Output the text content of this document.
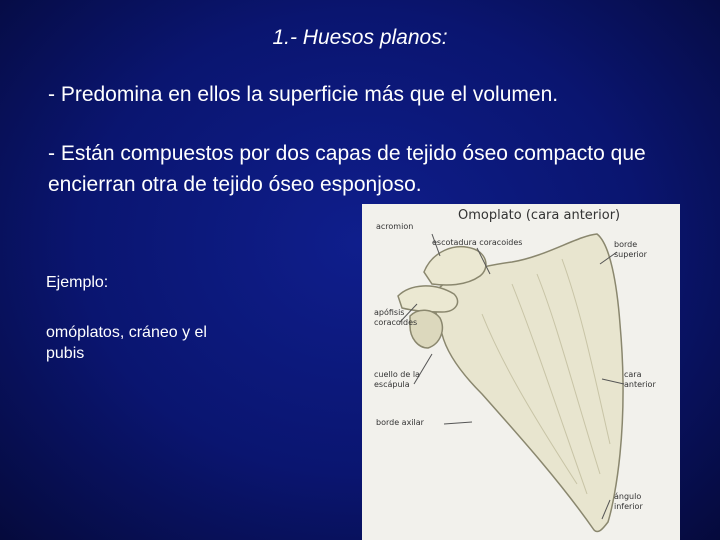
1.- Huesos planos:
- Predomina en ellos la superficie más que el volumen.
- Están compuestos por dos capas de tejido óseo compacto que encierran otra de tejido óseo esponjoso.
Ejemplo:
omóplatos, cráneo y el pubis
Omoplato (cara anterior)
acromion
escotadura coracoides	borde superior
apófisis coracoides
cuello de la escápula
cara anterior
borde axilar
ángulo inferior
